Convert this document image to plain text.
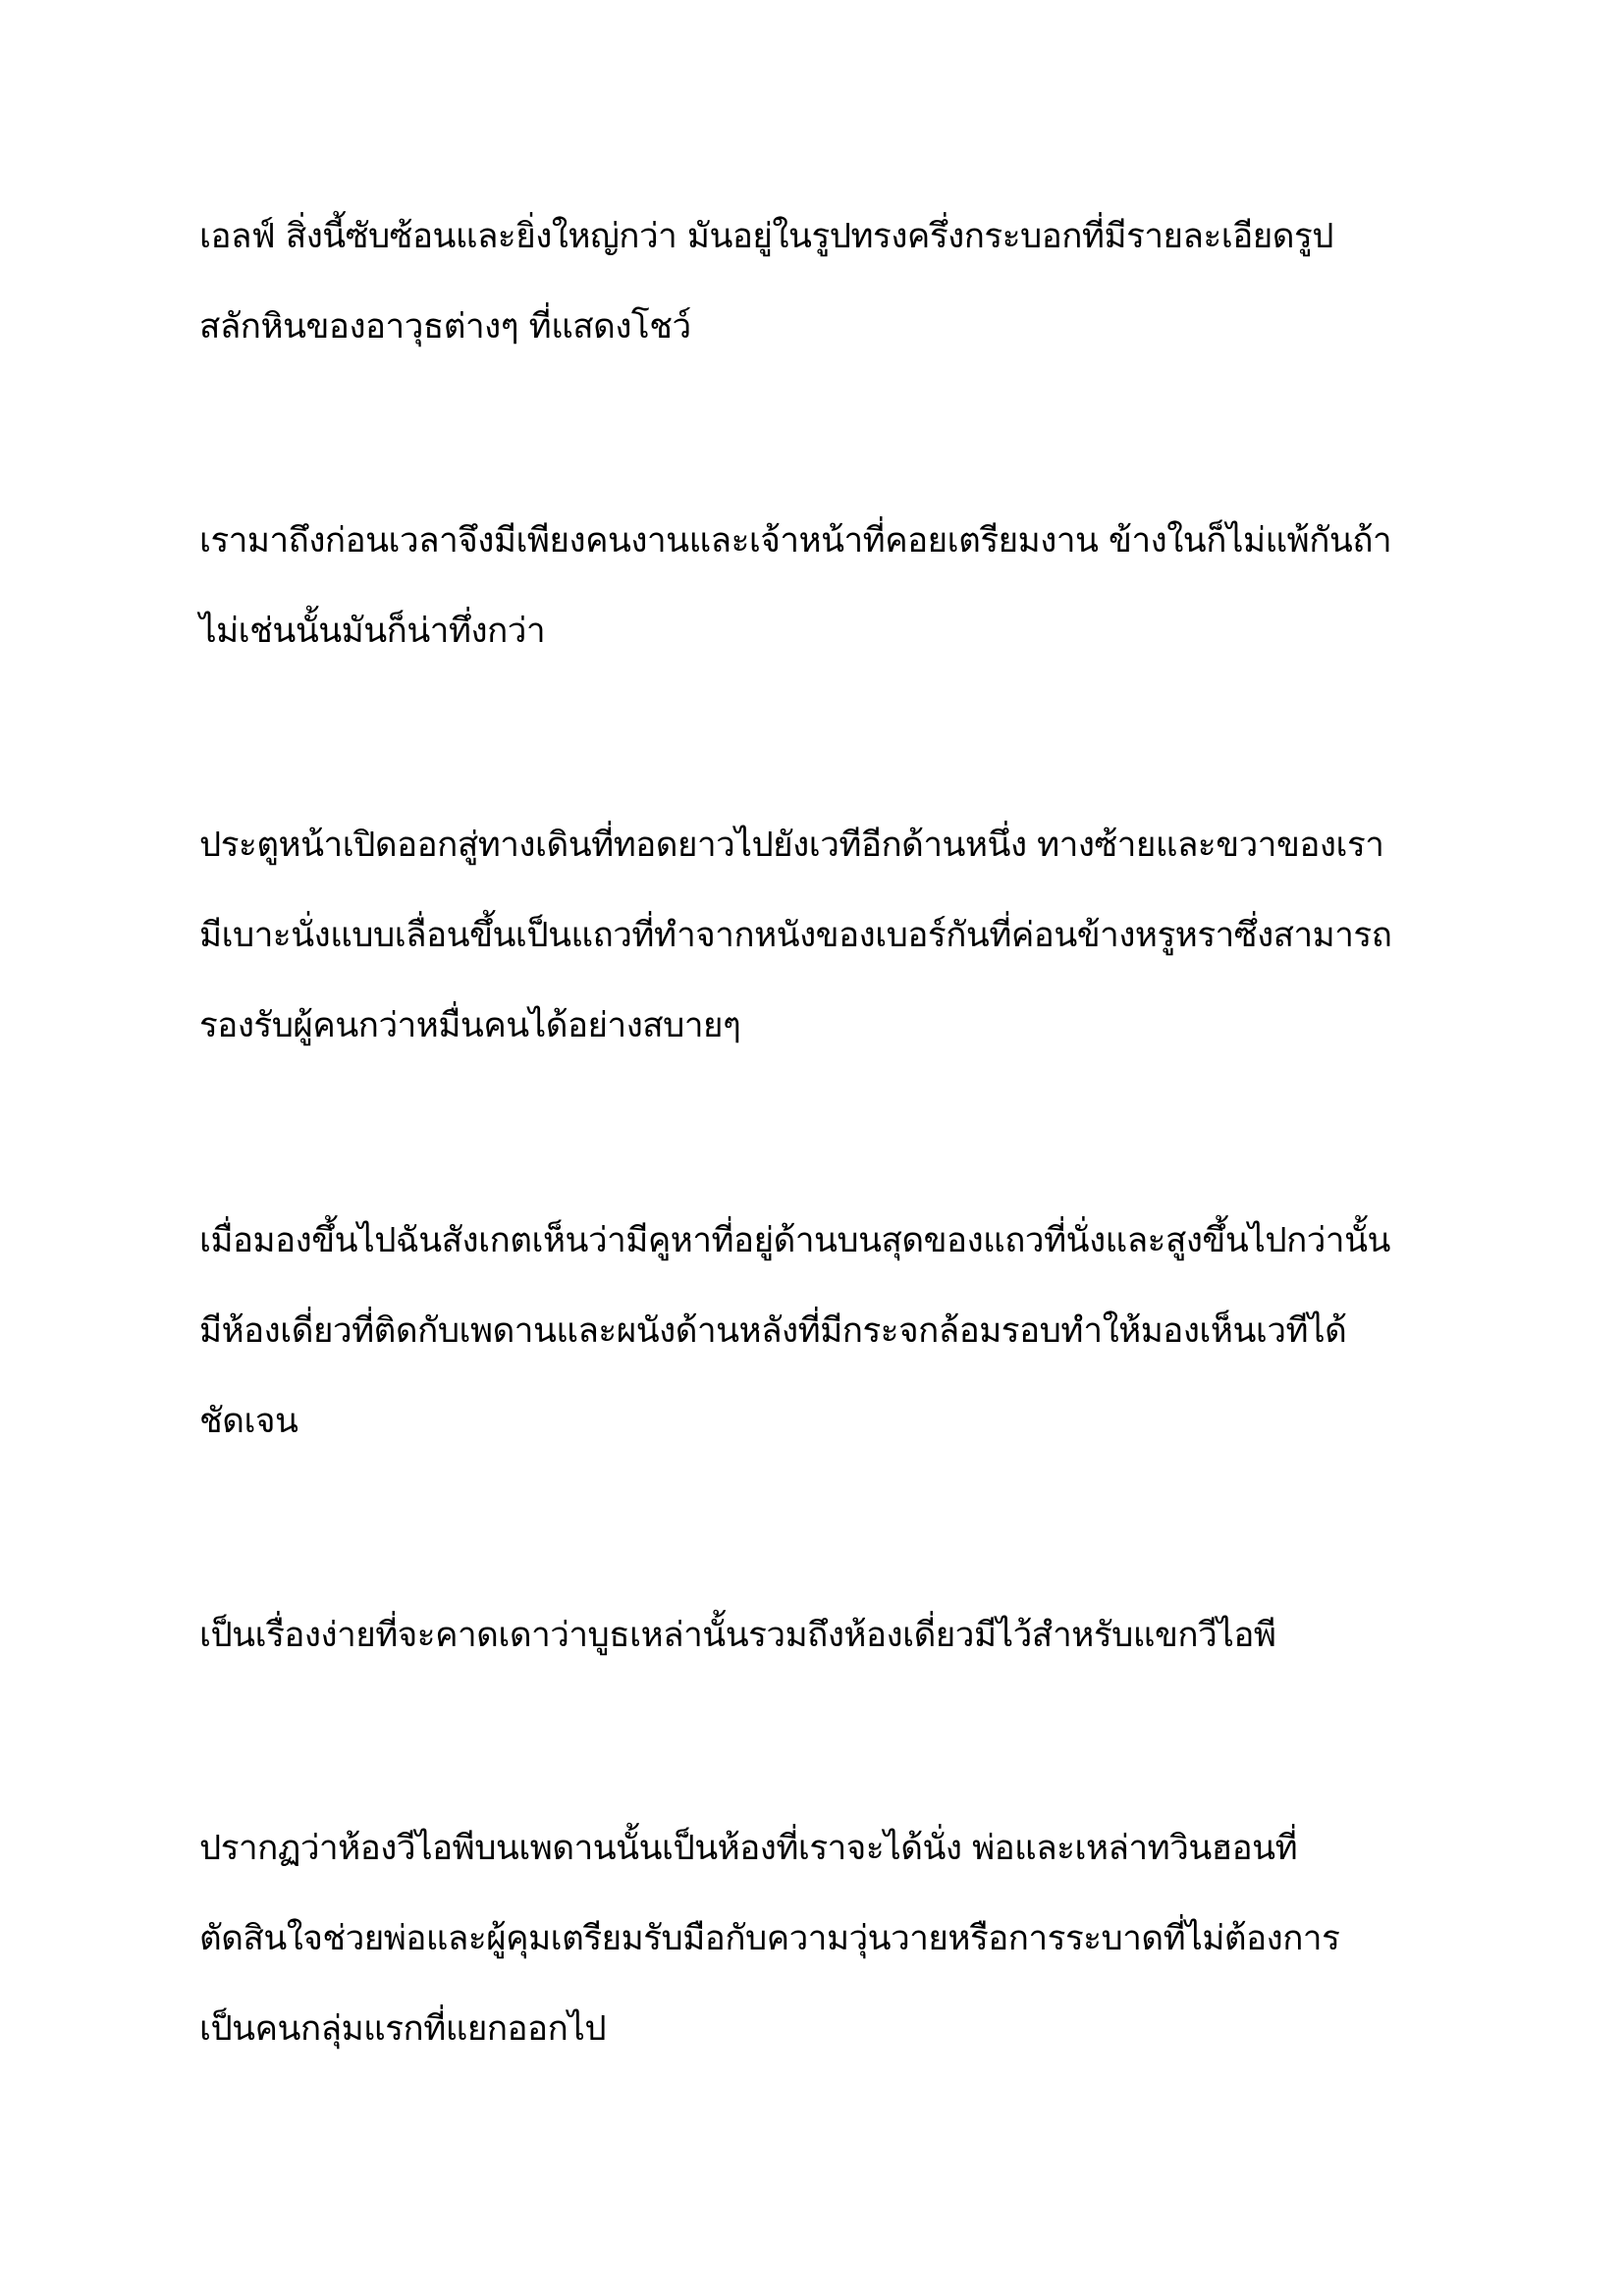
เอลฟ์ สิ่งนี้ซับซ้อนและยิ่งใหญ่กว่า มันอยู่ในรูปทรงครึ่งกระบอกที่มีรายละเอียดรูป
สลักหินของอาวุธต่างๆ ที่แสดงโชว์

เรามาถึงก่อนเวลาจึงมีเพียงคนงานและเจ้าหน้าที่คอยเตรียมงาน ข้างในก็ไม่แพ้กันถ้า
ไม่เช่นนั้นมันก็น่าทึ่งกว่า

ประตูหน้าเปิดออกสู่ทางเดินที่ทอดยาวไปยังเวทีอีกด้านหนึ่ง ทางซ้ายและขวาของเรา
มีเบาะนั่งแบบเลื่อนขึ้นเป็นแถวที่ทำจากหนังของเบอร์กันที่ค่อนข้างหรูหราซึ่งสามารถ
รองรับผู้คนกว่าหมื่นคนได้อย่างสบายๆ

เมื่อมองขึ้นไปฉันสังเกตเห็นว่ามีคูหาที่อยู่ด้านบนสุดของแถวที่นั่งและสูงขึ้นไปกว่านั้น
มีห้องเดี่ยวที่ติดกับเพดานและผนังด้านหลังที่มีกระจกล้อมรอบทำให้มองเห็นเวทีได้
ชัดเจน

เป็นเรื่องง่ายที่จะคาดเดาว่าบูธเหล่านั้นรวมถึงห้องเดี่ยวมีไว้สำหรับแขกวีไอพี

ปรากฏว่าห้องวีไอพีบนเพดานนั้นเป็นห้องที่เราจะได้นั่ง พ่อและเหล่าทวินฮอนที่
ตัดสินใจช่วยพ่อและผู้คุมเตรียมรับมือกับความวุ่นวายหรือการระบาดที่ไม่ต้องการ
เป็นคนกลุ่มแรกที่แยกออกไป
